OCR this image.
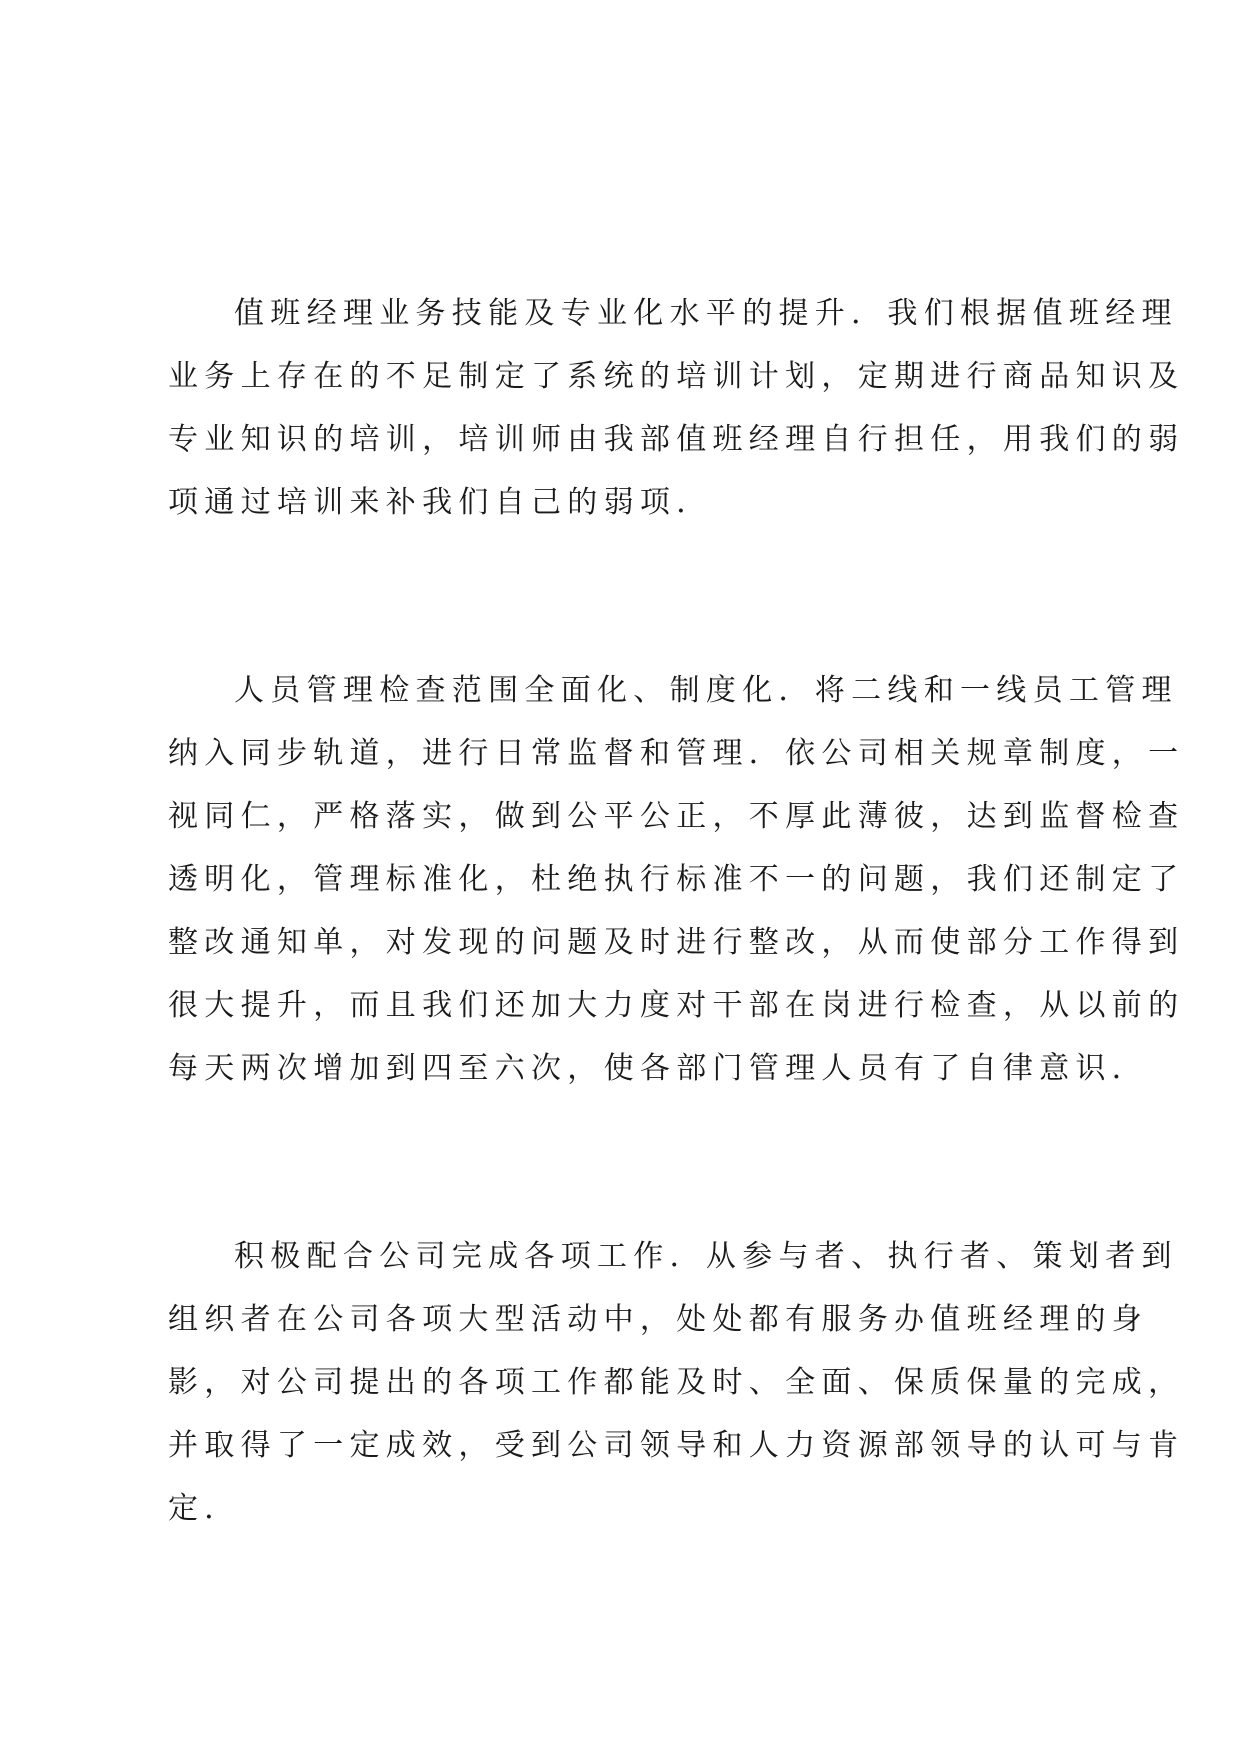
值班经理业务技能及专业化水平的提升．我们根据值班经理
业务上存在的不足制定了系统的培训计划，定期进行商品知识及
专业知识的培训，培训师由我部值班经理自行担任，用我们的弱
项通过培训来补我们自己的弱项．
人员管理检查范围全面化、制度化．将二线和一线员工管理
纳入同步轨道，进行日常监督和管理．依公司相关规章制度，一
视同仁，严格落实，做到公平公正，不厚此薄彼，达到监督检查
透明化，管理标准化，杜绝执行标准不一的问题，我们还制定了
整改通知单，对发现的问题及时进行整改，从而使部分工作得到
很大提升，而且我们还加大力度对干部在岗进行检查，从以前的
每天两次增加到四至六次，使各部门管理人员有了自律意识．
积极配合公司完成各项工作．从参与者、执行者、策划者到
组织者在公司各项大型活动中，处处都有服务办值班经理的身
影，对公司提出的各项工作都能及时、全面、保质保量的完成，
并取得了一定成效，受到公司领导和人力资源部领导的认可与肯
定．
